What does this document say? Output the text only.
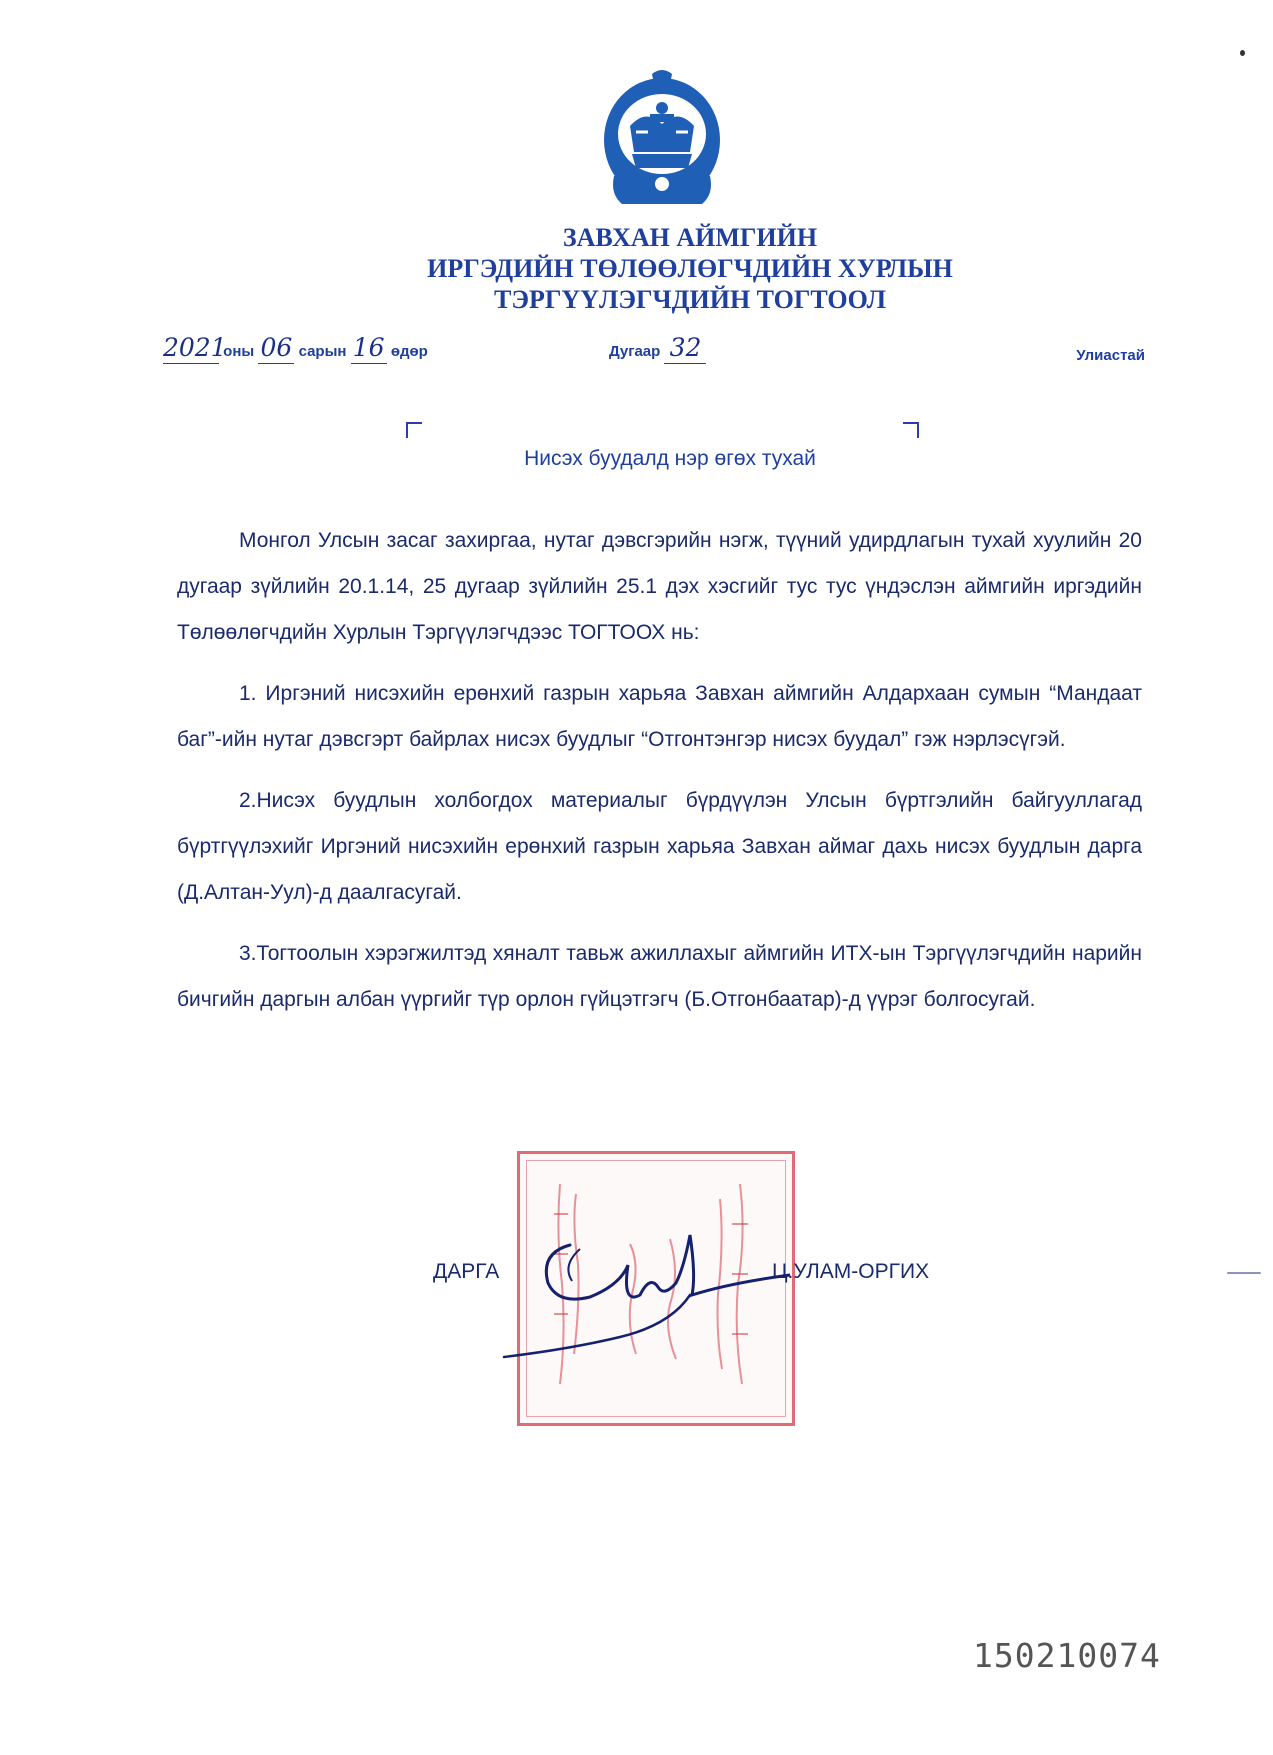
ЗАВХАН АЙМГИЙН
ИРГЭДИЙН ТӨЛӨӨЛӨГЧДИЙН ХУРЛЫН
ТЭРГҮҮЛЭГЧДИЙН ТОГТООЛ
2021 оны 06 сарын 16 өдөр	Дугаар 32	Улиастай
Нисэх буудалд нэр өгөх тухай

Монгол Улсын засаг захиргаа, нутаг дэвсгэрийн нэгж, түүний удирдлагын тухай хуулийн 20 дугаар зүйлийн 20.1.14, 25 дугаар зүйлийн 25.1 дэх хэсгийг тус тус үндэслэн аймгийн иргэдийн Төлөөлөгчдийн Хурлын Тэргүүлэгчдээс ТОГТООХ нь:

1. Иргэний нисэхийн ерөнхий газрын харьяа Завхан аймгийн Алдархаан сумын “Мандаат баг”-ийн нутаг дэвсгэрт байрлах нисэх буудлыг “Отгонтэнгэр нисэх буудал” гэж нэрлэсүгэй.

2.Нисэх буудлын холбогдох материалыг бүрдүүлэн Улсын бүртгэлийн байгууллагад бүртгүүлэхийг Иргэний нисэхийн ерөнхий газрын харьяа Завхан аймаг дахь нисэх буудлын дарга (Д.Алтан-Уул)-д даалгасугай.

3.Тогтоолын хэрэгжилтэд хяналт тавьж ажиллахыг аймгийн ИТХ-ын Тэргүүлэгчдийн нарийн бичгийн даргын албан үүргийг түр орлон гүйцэтгэгч (Б.Отгонбаатар)-д үүрэг болгосугай.

ДАРГА	Ц.УЛАМ-ОРГИХ
150210074
